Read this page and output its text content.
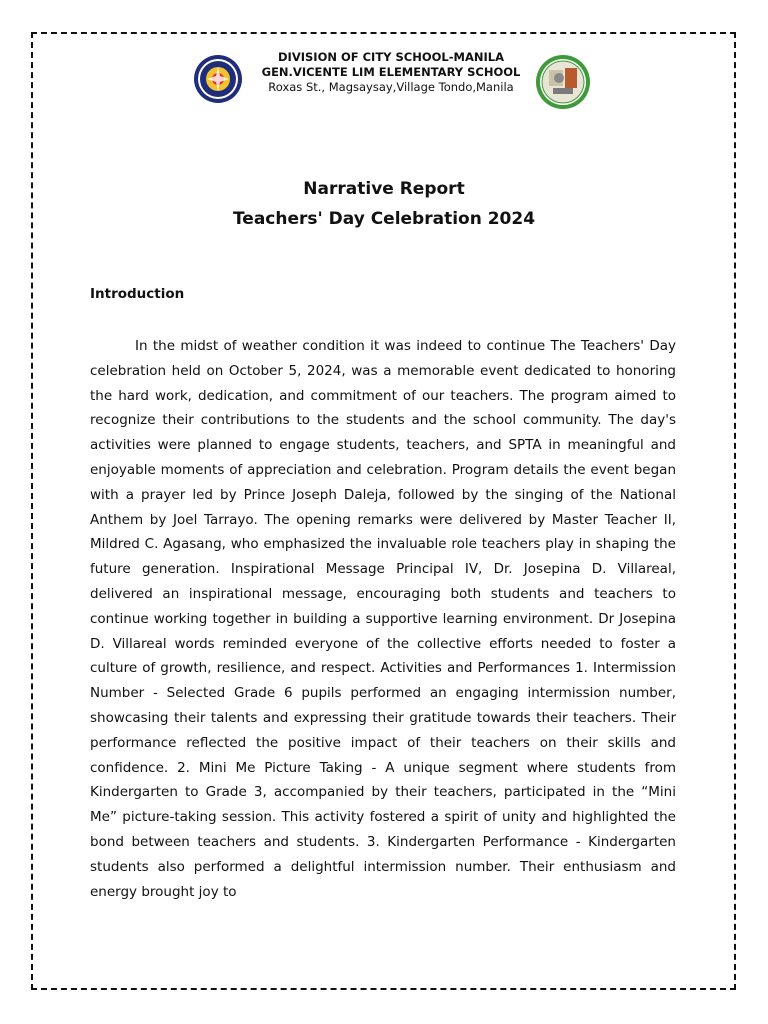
DIVISION OF CITY SCHOOL-MANILA
GEN.VICENTE LIM ELEMENTARY SCHOOL
Roxas St., Magsaysay,Village Tondo,Manila
Narrative Report
Teachers' Day Celebration 2024
Introduction

In the midst of weather condition it was indeed to continue The Teachers' Day celebration held on October 5, 2024, was a memorable event dedicated to honoring the hard work, dedication, and commitment of our teachers. The program aimed to recognize their contributions to the students and the school community. The day's activities were planned to engage students, teachers, and SPTA in meaningful and enjoyable moments of appreciation and celebration. Program details the event began with a prayer led by Prince Joseph Daleja, followed by the singing of the National Anthem by Joel Tarrayo. The opening remarks were delivered by Master Teacher II, Mildred C. Agasang, who emphasized the invaluable role teachers play in shaping the future generation. Inspirational Message Principal IV, Dr. Josepina D. Villareal, delivered an inspirational message, encouraging both students and teachers to continue working together in building a supportive learning environment. Dr Josepina D. Villareal words reminded everyone of the collective efforts needed to foster a culture of growth, resilience, and respect. Activities and Performances 1. Intermission Number - Selected Grade 6 pupils performed an engaging intermission number, showcasing their talents and expressing their gratitude towards their teachers. Their performance reflected the positive impact of their teachers on their skills and confidence. 2. Mini Me Picture Taking - A unique segment where students from Kindergarten to Grade 3, accompanied by their teachers, participated in the “Mini Me” picture-taking session. This activity fostered a spirit of unity and highlighted the bond between teachers and students. 3. Kindergarten Performance - Kindergarten students also performed a delightful intermission number. Their enthusiasm and energy brought joy to
